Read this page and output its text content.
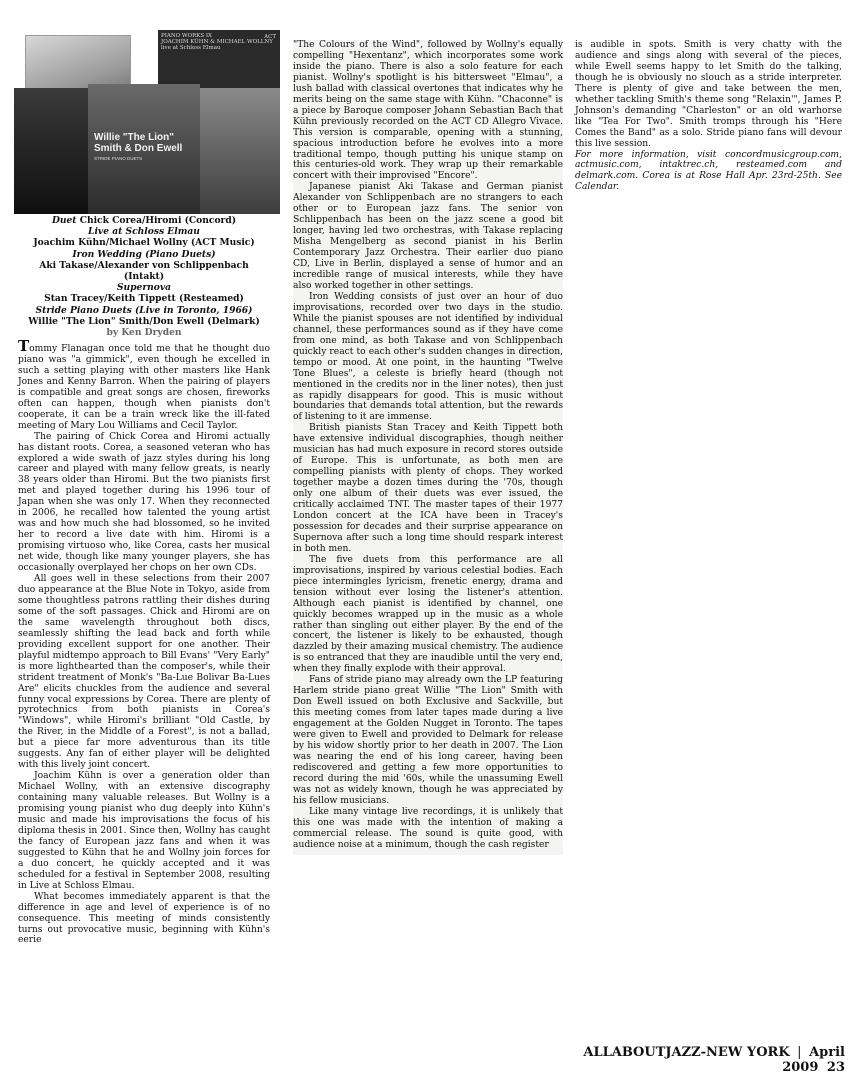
PIANO WORKS IX
JOACHIM KÜHN & MICHAEL WOLLNY
live at Schloss Elmau
ACT
Willie "The Lion" Smith & Don Ewell
STRIDE PIANO DUETS
Duet Chick Corea/Hiromi (Concord)
Live at Schloss Elmau
Joachim Kühn/Michael Wollny (ACT Music)
Iron Wedding (Piano Duets)
Aki Takase/Alexander von Schlippenbach (Intakt)
Supernova
Stan Tracey/Keith Tippett (Resteamed)
Stride Piano Duets (Live in Toronto, 1966)
Willie "The Lion" Smith/Don Ewell (Delmark)
by Ken Dryden

Tommy Flanagan once told me that he thought duo piano was "a gimmick", even though he excelled in such a setting playing with other masters like Hank Jones and Kenny Barron. When the pairing of players is compatible and great songs are chosen, fireworks often can happen, though when pianists don't cooperate, it can be a train wreck like the ill-fated meeting of Mary Lou Williams and Cecil Taylor.

The pairing of Chick Corea and Hiromi actually has distant roots. Corea, a seasoned veteran who has explored a wide swath of jazz styles during his long career and played with many fellow greats, is nearly 38 years older than Hiromi. But the two pianists first met and played together during his 1996 tour of Japan when she was only 17. When they reconnected in 2006, he recalled how talented the young artist was and how much she had blossomed, so he invited her to record a live date with him. Hiromi is a promising virtuoso who, like Corea, casts her musical net wide, though like many younger players, she has occasionally overplayed her chops on her own CDs.

All goes well in these selections from their 2007 duo appearance at the Blue Note in Tokyo, aside from some thoughtless patrons rattling their dishes during some of the soft passages. Chick and Hiromi are on the same wavelength throughout both discs, seamlessly shifting the lead back and forth while providing excellent support for one another. Their playful midtempo approach to Bill Evans' "Very Early" is more lighthearted than the composer's, while their strident treatment of Monk's "Ba-Lue Bolivar Ba-Lues Are" elicits chuckles from the audience and several funny vocal expressions by Corea. There are plenty of pyrotechnics from both pianists in Corea's "Windows", while Hiromi's brilliant "Old Castle, by the River, in the Middle of a Forest", is not a ballad, but a piece far more adventurous than its title suggests. Any fan of either player will be delighted with this lively joint concert.

Joachim Kühn is over a generation older than Michael Wollny, with an extensive discography containing many valuable releases. But Wollny is a promising young pianist who dug deeply into Kühn's music and made his improvisations the focus of his diploma thesis in 2001. Since then, Wollny has caught the fancy of European jazz fans and when it was suggested to Kühn that he and Wollny join forces for a duo concert, he quickly accepted and it was scheduled for a festival in September 2008, resulting in Live at Schloss Elmau.

What becomes immediately apparent is that the difference in age and level of experience is of no consequence. This meeting of minds consistently turns out provocative music, beginning with Kühn's eerie

"The Colours of the Wind", followed by Wollny's equally compelling "Hexentanz", which incorporates some work inside the piano. There is also a solo feature for each pianist. Wollny's spotlight is his bittersweet "Elmau", a lush ballad with classical overtones that indicates why he merits being on the same stage with Kühn. "Chaconne" is a piece by Baroque composer Johann Sebastian Bach that Kühn previously recorded on the ACT CD Allegro Vivace. This version is comparable, opening with a stunning, spacious introduction before he evolves into a more traditional tempo, though putting his unique stamp on this centuries-old work. They wrap up their remarkable concert with their improvised "Encore".

Japanese pianist Aki Takase and German pianist Alexander von Schlippenbach are no strangers to each other or to European jazz fans. The senior von Schlippenbach has been on the jazz scene a good bit longer, having led two orchestras, with Takase replacing Misha Mengelberg as second pianist in his Berlin Contemporary Jazz Orchestra. Their earlier duo piano CD, Live in Berlin, displayed a sense of humor and an incredible range of musical interests, while they have also worked together in other settings.

Iron Wedding consists of just over an hour of duo improvisations, recorded over two days in the studio. While the pianist spouses are not identified by individual channel, these performances sound as if they have come from one mind, as both Takase and von Schlippenbach quickly react to each other's sudden changes in direction, tempo or mood. At one point, in the haunting "Twelve Tone Blues", a celeste is briefly heard (though not mentioned in the credits nor in the liner notes), then just as rapidly disappears for good. This is music without boundaries that demands total attention, but the rewards of listening to it are immense.

British pianists Stan Tracey and Keith Tippett both have extensive individual discographies, though neither musician has had much exposure in record stores outside of Europe. This is unfortunate, as both men are compelling pianists with plenty of chops. They worked together maybe a dozen times during the '70s, though only one album of their duets was ever issued, the critically acclaimed TNT. The master tapes of their 1977 London concert at the ICA have been in Tracey's possession for decades and their surprise appearance on Supernova after such a long time should respark interest in both men.

The five duets from this performance are all improvisations, inspired by various celestial bodies. Each piece intermingles lyricism, frenetic energy, drama and tension without ever losing the listener's attention. Although each pianist is identified by channel, one quickly becomes wrapped up in the music as a whole rather than singling out either player. By the end of the concert, the listener is likely to be exhausted, though dazzled by their amazing musical chemistry. The audience is so entranced that they are inaudible until the very end, when they finally explode with their approval.

Fans of stride piano may already own the LP featuring Harlem stride piano great Willie "The Lion" Smith with Don Ewell issued on both Exclusive and Sackville, but this meeting comes from later tapes made during a live engagement at the Golden Nugget in Toronto. The tapes were given to Ewell and provided to Delmark for release by his widow shortly prior to her death in 2007. The Lion was nearing the end of his long career, having been rediscovered and getting a few more opportunities to record during the mid '60s, while the unassuming Ewell was not as widely known, though he was appreciated by his fellow musicians.

Like many vintage live recordings, it is unlikely that this one was made with the intention of making a commercial release. The sound is quite good, with audience noise at a minimum, though the cash register

is audible in spots. Smith is very chatty with the audience and sings along with several of the pieces, while Ewell seems happy to let Smith do the talking, though he is obviously no slouch as a stride interpreter. There is plenty of give and take between the men, whether tackling Smith's theme song "Relaxin'", James P. Johnson's demanding "Charleston" or an old warhorse like "Tea For Two". Smith tromps through his "Here Comes the Band" as a solo. Stride piano fans will devour this live session.

For more information, visit concordmusicgroup.com, actmusic.com, intaktrec.ch, resteamed.com and delmark.com. Corea is at Rose Hall Apr. 23rd-25th. See Calendar.

ALLABOUTJAZZ-NEW YORK | April 2009 23
